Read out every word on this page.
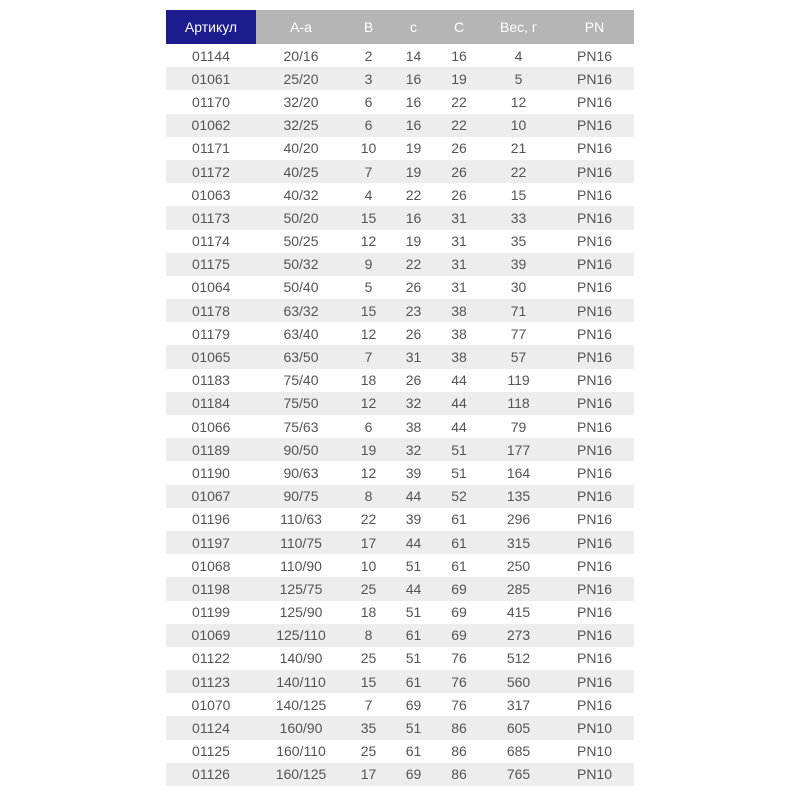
Артикул	А-а	В	с	С	Вес, г	PN
01144	20/16	2	14	16	4	PN16
01061	25/20	3	16	19	5	PN16
01170	32/20	6	16	22	12	PN16
01062	32/25	6	16	22	10	PN16
01171	40/20	10	19	26	21	PN16
01172	40/25	7	19	26	22	PN16
01063	40/32	4	22	26	15	PN16
01173	50/20	15	16	31	33	PN16
01174	50/25	12	19	31	35	PN16
01175	50/32	9	22	31	39	PN16
01064	50/40	5	26	31	30	PN16
01178	63/32	15	23	38	71	PN16
01179	63/40	12	26	38	77	PN16
01065	63/50	7	31	38	57	PN16
01183	75/40	18	26	44	119	PN16
01184	75/50	12	32	44	118	PN16
01066	75/63	6	38	44	79	PN16
01189	90/50	19	32	51	177	PN16
01190	90/63	12	39	51	164	PN16
01067	90/75	8	44	52	135	PN16
01196	110/63	22	39	61	296	PN16
01197	110/75	17	44	61	315	PN16
01068	110/90	10	51	61	250	PN16
01198	125/75	25	44	69	285	PN16
01199	125/90	18	51	69	415	PN16
01069	125/110	8	61	69	273	PN16
01122	140/90	25	51	76	512	PN16
01123	140/110	15	61	76	560	PN16
01070	140/125	7	69	76	317	PN16
01124	160/90	35	51	86	605	PN10
01125	160/110	25	61	86	685	PN10
01126	160/125	17	69	86	765	PN10
